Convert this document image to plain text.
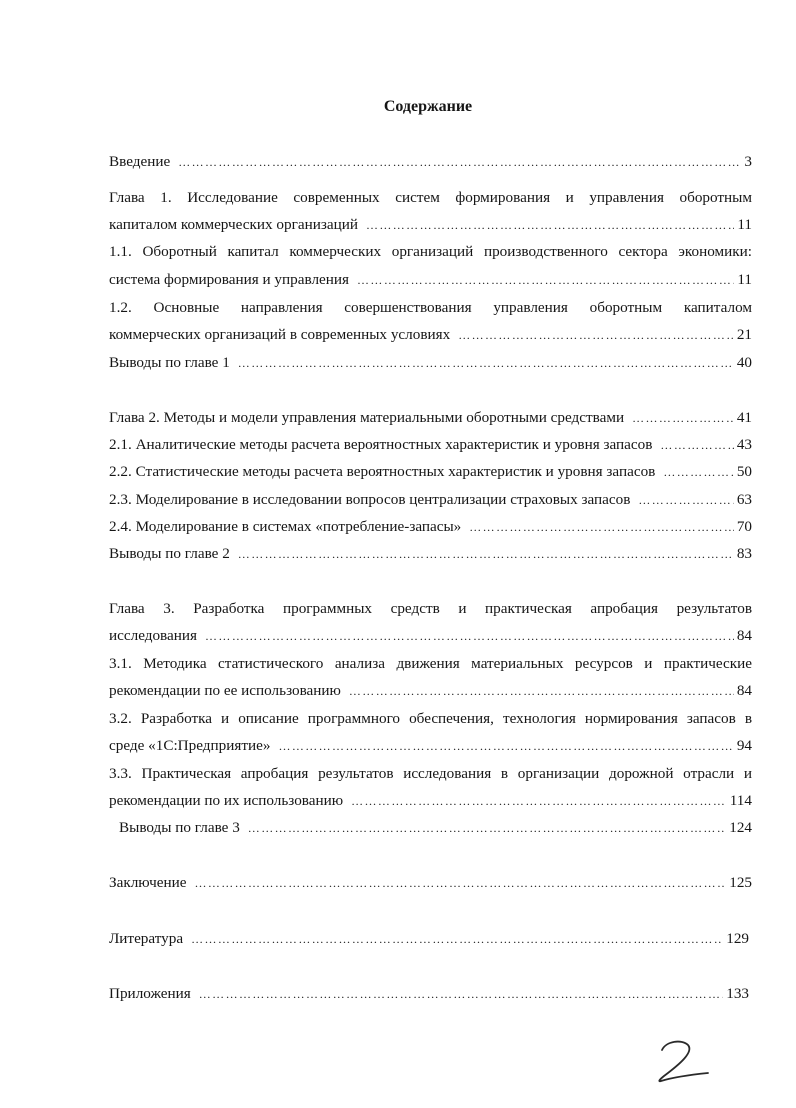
Содержание
Введение …………………………………………………………………………………………………………………………………………………………………………………………………………	3
Глава 1. Исследование современных систем формирования и управления оборотным
капиталом коммерческих организаций …………………………………………………………………………………………………………………………………………………………………………………………………………	11
1.1. Оборотный капитал коммерческих организаций производственного сектора экономики:
система формирования и управления …………………………………………………………………………………………………………………………………………………………………………………………………………	11
1.2. Основные направления совершенствования управления оборотным капиталом
коммерческих организаций в современных условиях …………………………………………………………………………………………………………………………………………………………………………………………………………	21
Выводы по главе 1 …………………………………………………………………………………………………………………………………………………………………………………………………………	40
Глава 2. Методы и модели управления материальными оборотными средствами …………………………………………………………………………………………………………………………………………………………………………………………………………	41
2.1. Аналитические методы расчета вероятностных характеристик и уровня запасов …………………………………………………………………………………………………………………………………………………………………………………………………………	43
2.2. Статистические методы расчета вероятностных характеристик и уровня запасов …………………………………………………………………………………………………………………………………………………………………………………………………………	50
2.3. Моделирование в исследовании вопросов централизации страховых запасов …………………………………………………………………………………………………………………………………………………………………………………………………………	63
2.4. Моделирование в системах «потребление-запасы» …………………………………………………………………………………………………………………………………………………………………………………………………………	70
Выводы по главе 2 …………………………………………………………………………………………………………………………………………………………………………………………………………	83
Глава 3. Разработка программных средств и практическая апробация результатов
исследования …………………………………………………………………………………………………………………………………………………………………………………………………………	84
3.1. Методика статистического анализа движения материальных ресурсов и практические
рекомендации по ее использованию …………………………………………………………………………………………………………………………………………………………………………………………………………	84
3.2. Разработка и описание программного обеспечения, технология нормирования запасов в
среде «1С:Предприятие» …………………………………………………………………………………………………………………………………………………………………………………………………………	94
3.3. Практическая апробация результатов исследования в организации дорожной отрасли и
рекомендации по их использованию …………………………………………………………………………………………………………………………………………………………………………………………………………	114
Выводы по главе 3 …………………………………………………………………………………………………………………………………………………………………………………………………………	124
Заключение …………………………………………………………………………………………………………………………………………………………………………………………………………	125
Литература …………………………………………………………………………………………………………………………………………………………………………………………………………	129
Приложения …………………………………………………………………………………………………………………………………………………………………………………………………………	133
